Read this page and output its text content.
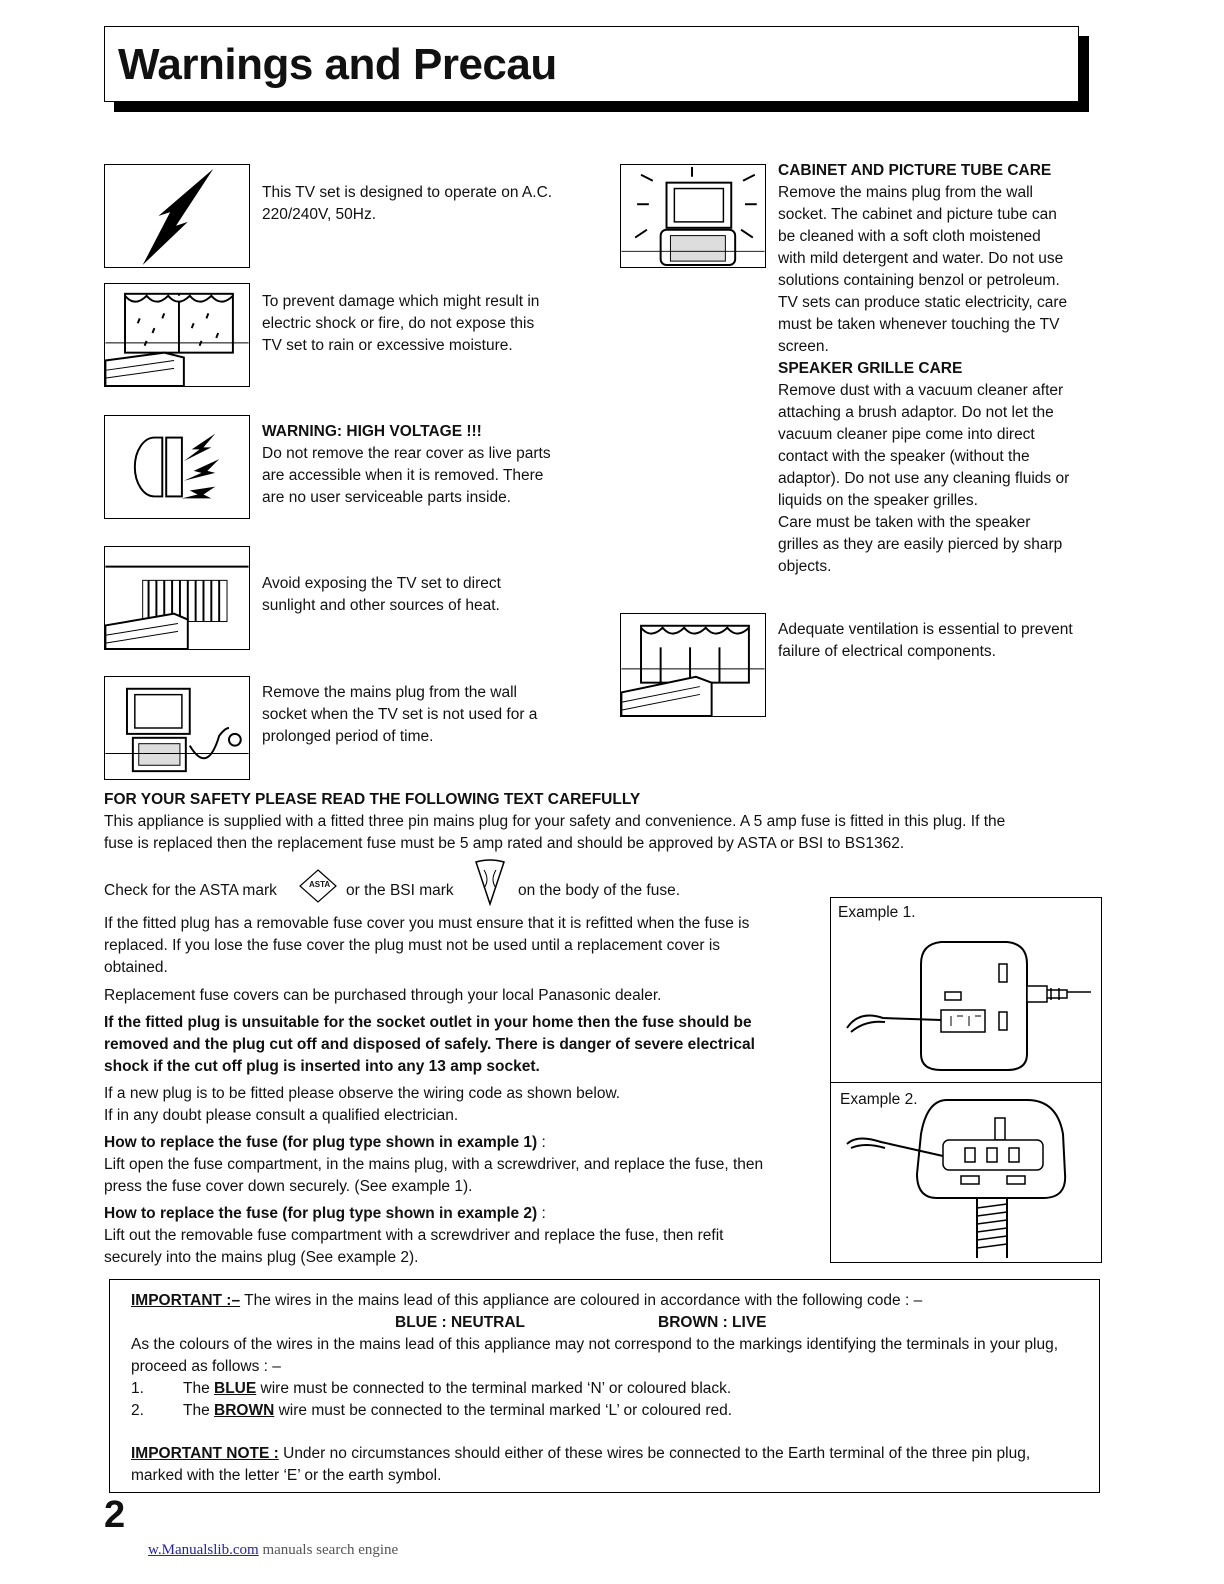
Warnings and Precau
This TV set is designed to operate on A.C.
220/240V, 50Hz.
To prevent damage which might result in
electric shock or fire, do not expose this
TV set to rain or excessive moisture.
WARNING: HIGH VOLTAGE !!!
Do not remove the rear cover as live parts
are accessible when it is removed. There
are no user serviceable parts inside.
Avoid exposing the TV set to direct
sunlight and other sources of heat.
Remove the mains plug from the wall
socket when the TV set is not used for a
prolonged period of time.
CABINET AND PICTURE TUBE CARE
Remove the mains plug from the wall
socket. The cabinet and picture tube can
be cleaned with a soft cloth moistened
with mild detergent and water. Do not use
solutions containing benzol or petroleum.
TV sets can produce static electricity, care
must be taken whenever touching the TV
screen.
SPEAKER GRILLE CARE
Remove dust with a vacuum cleaner after
attaching a brush adaptor. Do not let the
vacuum cleaner pipe come into direct
contact with the speaker (without the
adaptor). Do not use any cleaning fluids or
liquids on the speaker grilles.
Care must be taken with the speaker
grilles as they are easily pierced by sharp
objects.
Adequate ventilation is essential to prevent
failure of electrical components.
FOR YOUR SAFETY PLEASE READ THE FOLLOWING TEXT CAREFULLY
This appliance is supplied with a fitted three pin mains plug for your safety and convenience. A 5 amp fuse is fitted in this plug. If the
fuse is replaced then the replacement fuse must be 5 amp rated and should be approved by ASTA or BSI to BS1362.
Check for the ASTA mark	ASTA or the BSI mark	on the body of the fuse.
If the fitted plug has a removable fuse cover you must ensure that it is refitted when the fuse is
replaced. If you lose the fuse cover the plug must not be used until a replacement cover is
obtained.
Replacement fuse covers can be purchased through your local Panasonic dealer.
If the fitted plug is unsuitable for the socket outlet in your home then the fuse should be
removed and the plug cut off and disposed of safely. There is danger of severe electrical
shock if the cut off plug is inserted into any 13 amp socket.
If a new plug is to be fitted please observe the wiring code as shown below.
If in any doubt please consult a qualified electrician.
How to replace the fuse (for plug type shown in example 1) :
Lift open the fuse compartment, in the mains plug, with a screwdriver, and replace the fuse, then
press the fuse cover down securely. (See example 1).
How to replace the fuse (for plug type shown in example 2) :
Lift out the removable fuse compartment with a screwdriver and replace the fuse, then refit
securely into the mains plug (See example 2).
Example 1.
Example 2.
IMPORTANT :– The wires in the mains lead of this appliance are coloured in accordance with the following code : –
BLUE : NEUTRAL	BROWN : LIVE
As the colours of the wires in the mains lead of this appliance may not correspond to the markings identifying the terminals in your plug,
proceed as follows : –
1.	The BLUE wire must be connected to the terminal marked ‘N’ or coloured black.
2.	The BROWN wire must be connected to the terminal marked ‘L’ or coloured red.
IMPORTANT NOTE : Under no circumstances should either of these wires be connected to the Earth terminal of the three pin plug,
marked with the letter ‘E’ or the earth symbol.
2
w.Manualslib.com manuals search engine
